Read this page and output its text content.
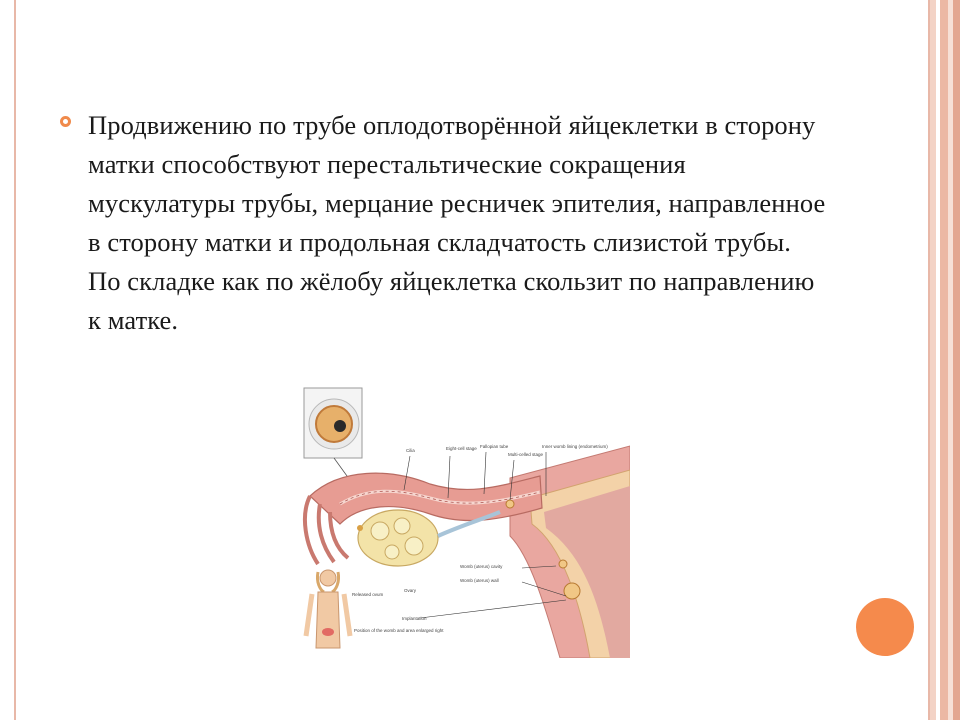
Продвижению по трубе оплодотворённой яйцеклетки в сторону матки способствуют перестальтические сокращения мускулатуры трубы, мерцание ресничек эпителия, направленное в сторону матки и продольная складчатость слизистой трубы. По складке как по жёлобу яйцеклетка скользит по направлению к матке.
Cilia	Eight-cell stage Fallopian tube
Multi-celled stage
Inner womb lining (endometrium)
Womb (uterus) cavity
Womb (uterus) wall
Released ovum
Ovary
Implantation
Position of the womb and area enlarged right
